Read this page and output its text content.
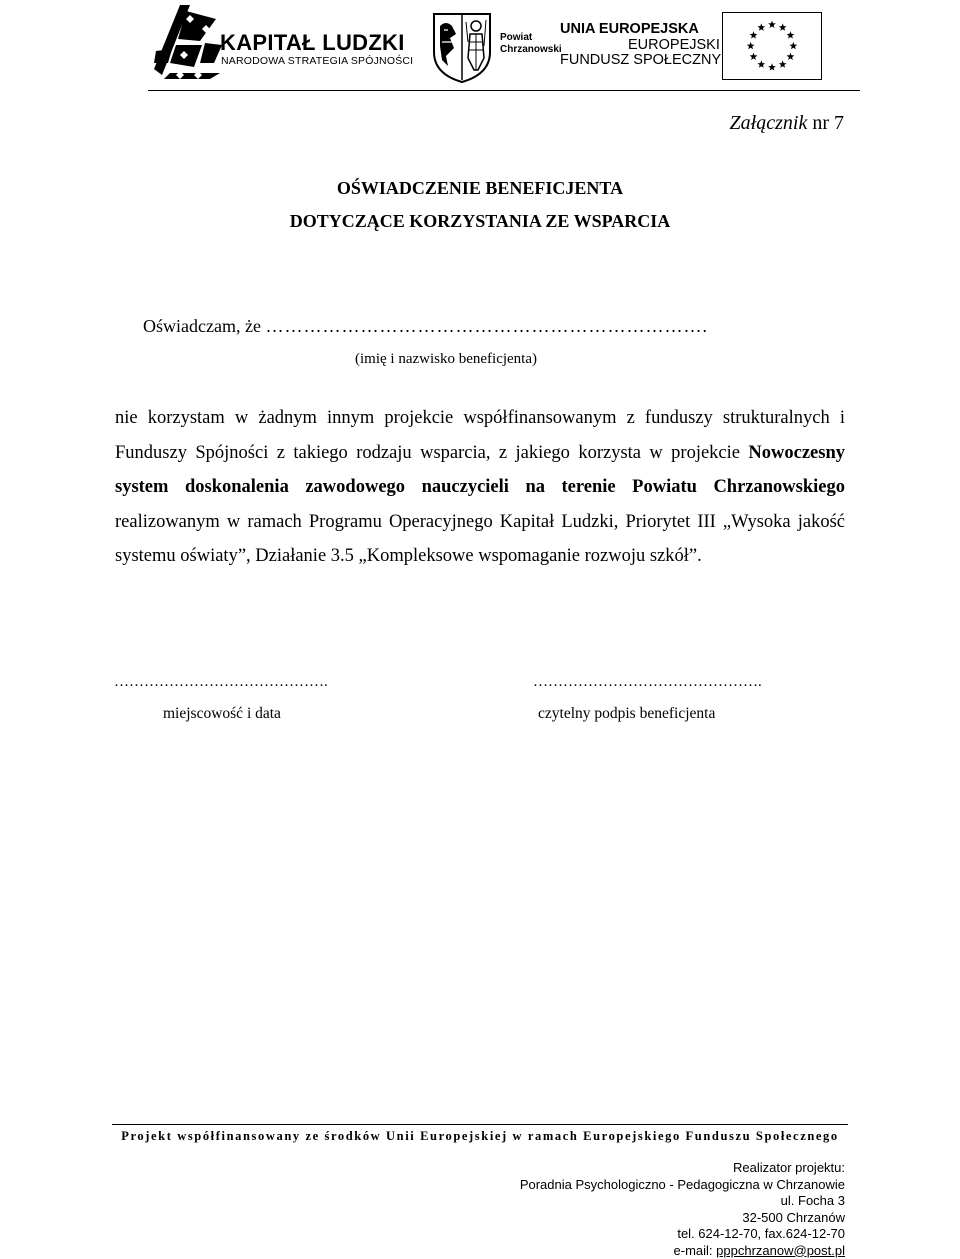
KAPITAŁ LUDZKI
NARODOWA STRATEGIA SPÓJNOŚCI
Powiat
Chrzanowski
UNIA EUROPEJSKA
EUROPEJSKI
FUNDUSZ SPOŁECZNY
Załącznik nr 7
OŚWIADCZENIE BENEFICJENTA
DOTYCZĄCE KORZYSTANIA ZE WSPARCIA
Oświadczam, że …………………………………………………………….
(imię i nazwisko beneficjenta)

nie korzystam w żadnym innym projekcie współfinansowanym z funduszy strukturalnych i Funduszy Spójności z takiego rodzaju wsparcia, z jakiego korzysta w projekcie Nowoczesny system doskonalenia zawodowego nauczycieli na terenie Powiatu Chrzanowskiego realizowanym w ramach Programu Operacyjnego Kapitał Ludzki, Priorytet III „Wysoka jakość systemu oświaty”, Działanie 3.5 „Kompleksowe wspomaganie rozwoju szkół”.

…………………………………….	……………………………………….
miejscowość i data	czytelny podpis beneficjenta
Projekt współfinansowany ze środków Unii Europejskiej w ramach Europejskiego Funduszu Społecznego
Realizator projektu:
Poradnia Psychologiczno - Pedagogiczna w Chrzanowie
ul. Focha 3
32-500 Chrzanów
tel. 624-12-70, fax.624-12-70
e-mail: pppchrzanow@post.pl
